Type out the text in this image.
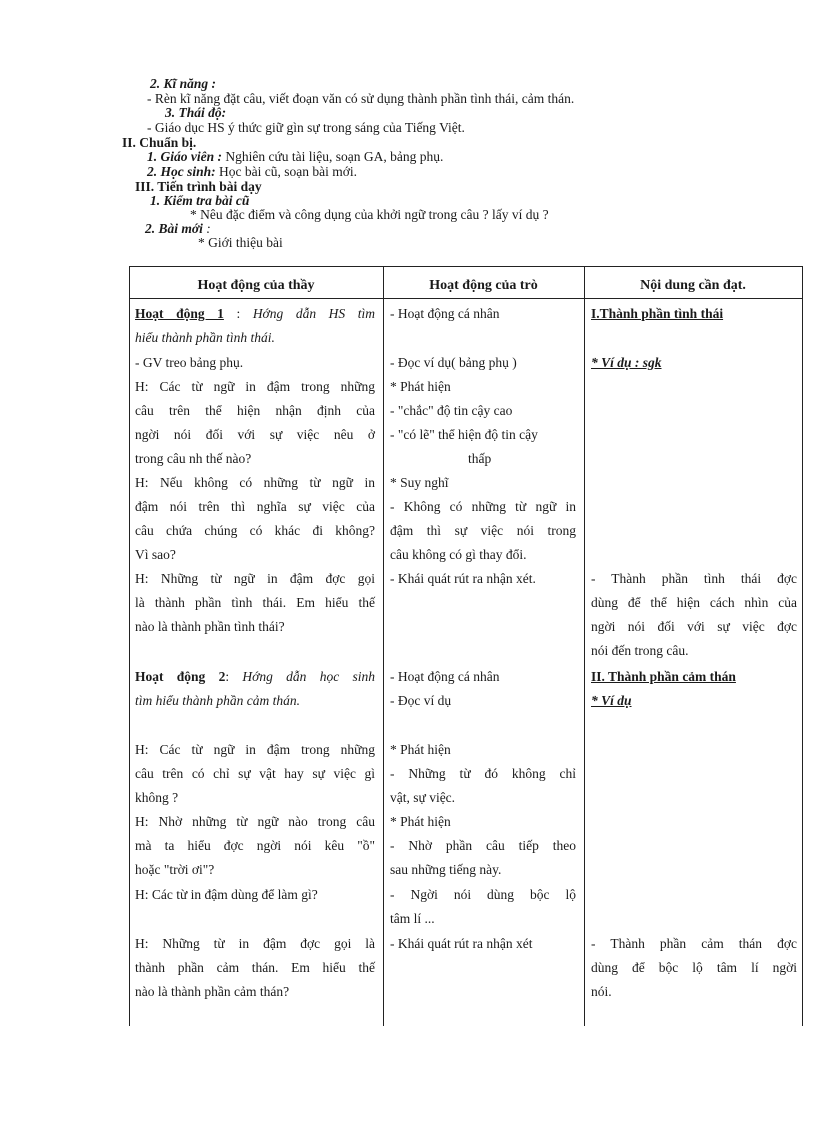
2. Kĩ năng :
- Rèn kĩ năng đặt câu, viết đoạn văn có sử dụng thành phần tình thái, cảm thán.
3. Thái độ:
- Giáo dục HS ý thức giữ gìn sự trong sáng của Tiếng Việt.
II. Chuẩn bị.
1. Giáo viên : Nghiên cứu tài liệu, soạn GA, bảng phụ.
2. Học sinh: Học bài cũ, soạn bài mới.
III. Tiến trình bài dạy
1. Kiểm tra bài cũ
* Nêu đặc điểm và công dụng của khởi ngữ trong câu ? lấy ví dụ ?
2. Bài mới :
* Giới thiệu bài
Hoạt động của thầy	Hoạt động của trò	Nội dung cần đạt.
Hoạt động 1 : Hớng dẫn HS tìm
hiểu thành phần tình thái.
- GV treo bảng phụ.

H: Các từ ngữ in đậm trong những

câu trên thể hiện nhận định của

ngời nói đối với sự việc nêu ở

trong câu nh thế nào?

H: Nếu không có những từ ngữ in

đậm nói trên thì nghĩa sự việc của

câu chứa chúng có khác đi không?

Vì sao?

H: Những từ ngữ in đậm đợc gọi

là thành phần tình thái. Em hiểu thế

nào là thành phần tình thái?

Hoạt động 2: Hớng dẫn học sinh
tìm hiểu thành phần cảm thán.

H: Các từ ngữ in đậm trong những

câu trên có chỉ sự vật hay sự việc gì

không ?

H: Nhờ những từ ngữ nào trong câu

mà ta hiểu đợc ngời nói kêu "ồ"

hoặc "trời ơi"?

H: Các từ in đậm dùng để làm gì?

H: Những từ in đậm đợc gọi là

thành phần cảm thán. Em hiểu thế

nào là thành phần cảm thán?

- Hoạt động cá nhân
- Đọc ví dụ( bảng phụ )
* Phát hiện
- "chắc" độ tin cậy cao
- "có lẽ" thể hiện độ tin cậy
thấp
* Suy nghĩ

- Không có những từ ngữ in

đậm thì sự việc nói trong

câu không có gì thay đổi.

- Khái quát rút ra nhận xét.
- Hoạt động cá nhân
- Đọc ví dụ
* Phát hiện

- Những từ đó không chỉ

vật, sự việc.

* Phát hiện

- Nhờ phần câu tiếp theo

sau những tiếng này.

- Ngời nói dùng bộc lộ

tâm lí ...

- Khái quát rút ra nhận xét
I.Thành phần tình thái
* Ví dụ : sgk

- Thành phần tình thái đợc

dùng để thể hiện cách nhìn của

ngời nói đối với sự việc đợc

nói đến trong câu.

II. Thành phần cảm thán
* Ví dụ

- Thành phần cảm thán đợc

dùng để bộc lộ tâm lí ngời

nói.
